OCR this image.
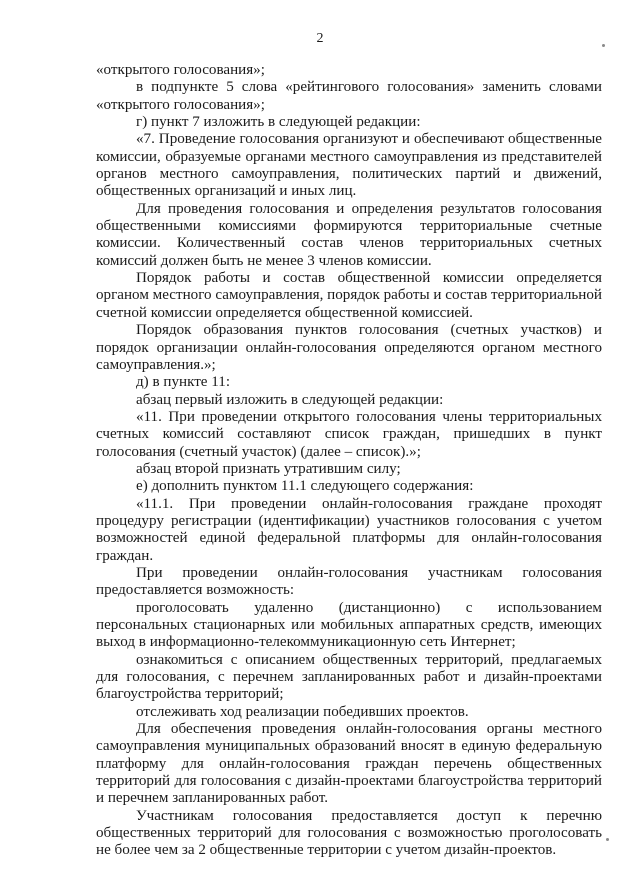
2

«открытого голосования»;

в подпункте 5 слова «рейтингового голосования» заменить словами «открытого голосования»;

г) пункт 7 изложить в следующей редакции:

«7. Проведение голосования организуют и обеспечивают общественные комиссии, образуемые органами местного самоуправления из представителей органов местного самоуправления, политических партий и движений, общественных организаций и иных лиц.

Для проведения голосования и определения результатов голосования общественными комиссиями формируются территориальные счетные комиссии. Количественный состав членов территориальных счетных комиссий должен быть не менее 3 членов комиссии.

Порядок работы и состав общественной комиссии определяется органом местного самоуправления, порядок работы и состав территориальной счетной комиссии определяется общественной комиссией.

Порядок образования пунктов голосования (счетных участков) и порядок организации онлайн-голосования определяются органом местного самоуправления.»;

д) в пункте 11:

абзац первый изложить в следующей редакции:

«11. При проведении открытого голосования члены территориальных счетных комиссий составляют список граждан, пришедших в пункт голосования (счетный участок) (далее – список).»;

абзац второй признать утратившим силу;

е) дополнить пунктом 11.1 следующего содержания:

«11.1. При проведении онлайн-голосования граждане проходят процедуру регистрации (идентификации) участников голосования с учетом возможностей единой федеральной платформы для онлайн-голосования граждан.

При проведении онлайн-голосования участникам голосования предоставляется возможность:

проголосовать удаленно (дистанционно) с использованием персональных стационарных или мобильных аппаратных средств, имеющих выход в информационно-телекоммуникационную сеть Интернет;

ознакомиться с описанием общественных территорий, предлагаемых для голосования, с перечнем запланированных работ и дизайн-проектами благоустройства территорий;

отслеживать ход реализации победивших проектов.

Для обеспечения проведения онлайн-голосования органы местного самоуправления муниципальных образований вносят в единую федеральную платформу для онлайн-голосования граждан перечень общественных территорий для голосования с дизайн-проектами благоустройства территорий и перечнем запланированных работ.

Участникам голосования предоставляется доступ к перечню общественных территорий для голосования с возможностью проголосовать не более чем за 2 общественные территории с учетом дизайн-проектов.
